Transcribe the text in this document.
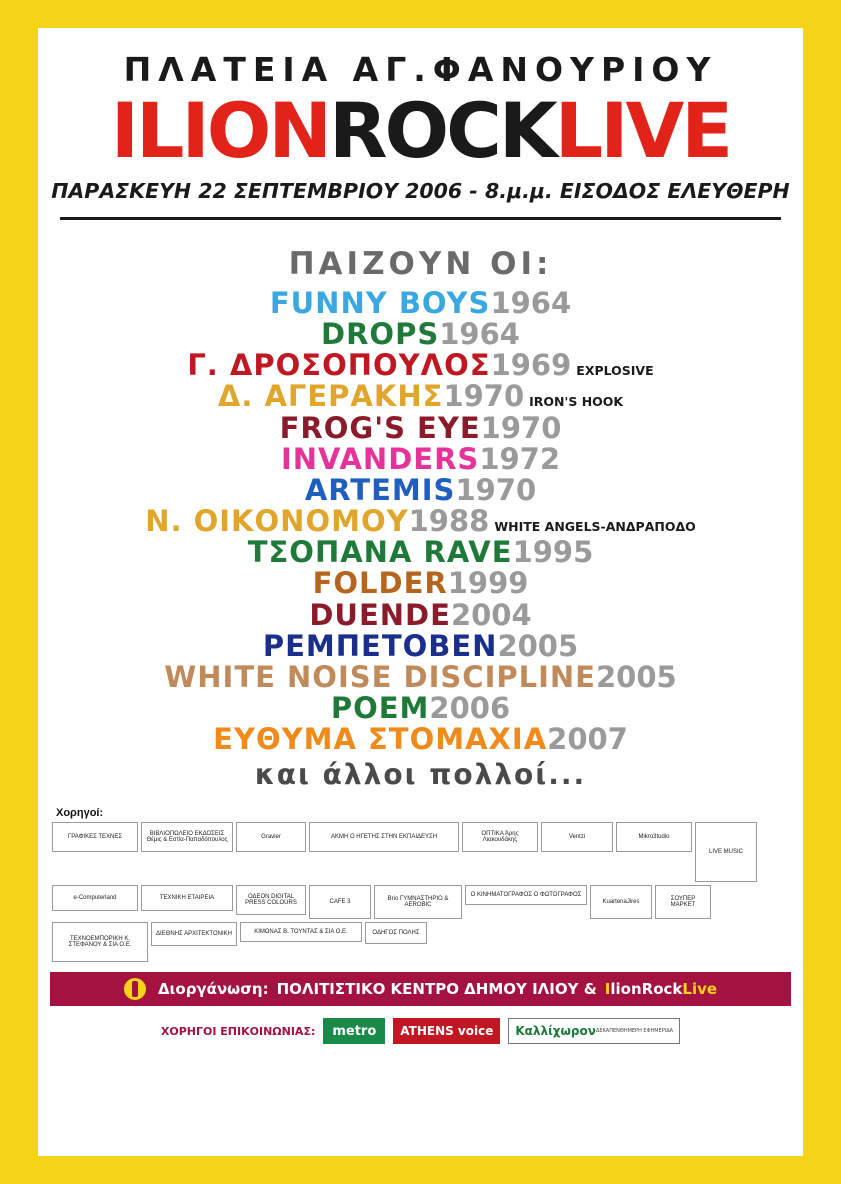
ΠΛΑΤΕΙΑ ΑΓ.ΦΑΝΟΥΡΙΟΥ
ILIONROCKLIVE
ΠΑΡΑΣΚΕΥΗ 22 ΣΕΠΤΕΜΒΡΙΟΥ 2006 - 8.μ.μ. ΕΙΣΟΔΟΣ ΕΛΕΥΘΕΡΗ
ΠΑΙΖΟΥΝ ΟΙ:
FUNNY BOYS1964
DROPS1964
Γ. ΔΡΟΣΟΠΟΥΛΟΣ1969 EXPLOSIVE
Δ. ΑΓΕΡΑΚΗΣ1970 IRON'S HOOK
FROG'S EYE1970
INVANDERS1972
ARTEMIS1970
Ν. ΟΙΚΟΝΟΜΟΥ1988 WHITE ANGELS-ΑΝΔΡΑΠΟΔΟ
ΤΣΟΠΑΝΑ RAVE1995
FOLDER1999
DUENDE2004
ΡΕΜΠΕΤΟΒΕΝ2005
WHITE NOISE DISCIPLINE2005
POEM2006
ΕΥΘΥΜΑ ΣΤΟΜΑΧΙΑ2007
και άλλοι πολλοί...
Χορηγοί:
ΓΡΑΦΙΚΕΣ ΤΕΧΝΕΣ
ΒΙΒΛΙΟΠΩΛΕΙΟ ΕΚΔΟΣΕΙΣ Θέμις & Εστία-Παπαδόπουλος
Gravier	ΑΚΜΗ Ο ΗΓΕΤΗΣ ΣΤΗΝ ΕΚΠΑΙΔΕΥΣΗ
ΟΠΤΙΚΑ Άρης Λιακουδάκης
Ventzi	Mikro3tudio
LIVE MUSIC
e-Computerland	ΤΕΧΝΙΚΗ ΕΤΑΙΡΕΙΑ	ΟΔΕΟΝ DIGITAL PRESS COLOURS	CAFE 3
Brio ΓΥΜΝΑΣΤΗΡΙΟ & AEROBIC
Ο ΚΙΝΗΜΑΤΟΓΡΑΦΟΣ Ο ΦΩΤΟΓΡΑΦΟΣ
KuartenaJires
ΣΟΥΠΕΡ ΜΑΡΚΕΤ
ΤΕΧΝΟΕΜΠΟΡΙΚΗ Κ. ΣΤΕΦΑΝΟΥ & ΣΙΑ Ο.Ε.
ΔΙΕΘΝΗΣ ΑΡΧΙΤΕΚΤΟΝΙΚΗ	ΚΙΜΩΝΑΣ Β. ΤΟΥΝΤΑΣ & ΣΙΑ Ο.Ε.	ΟΔΗΓΟΣ ΠΟΛΗΣ
Διοργάνωση: ΠΟΛΙΤΙΣΤΙΚΟ ΚΕΝΤΡΟ ΔΗΜΟΥ ΙΛΙΟΥ & IlionRockLive
ΧΟΡΗΓΟΙ ΕΠΙΚΟΙΝΩΝΙΑΣ:	metro	ATHENS voice	Καλλίχωρον ΔΕΚΑΠΕΝΘΗΜΕΡΗ ΕΦΗΜΕΡΙΔΑ
